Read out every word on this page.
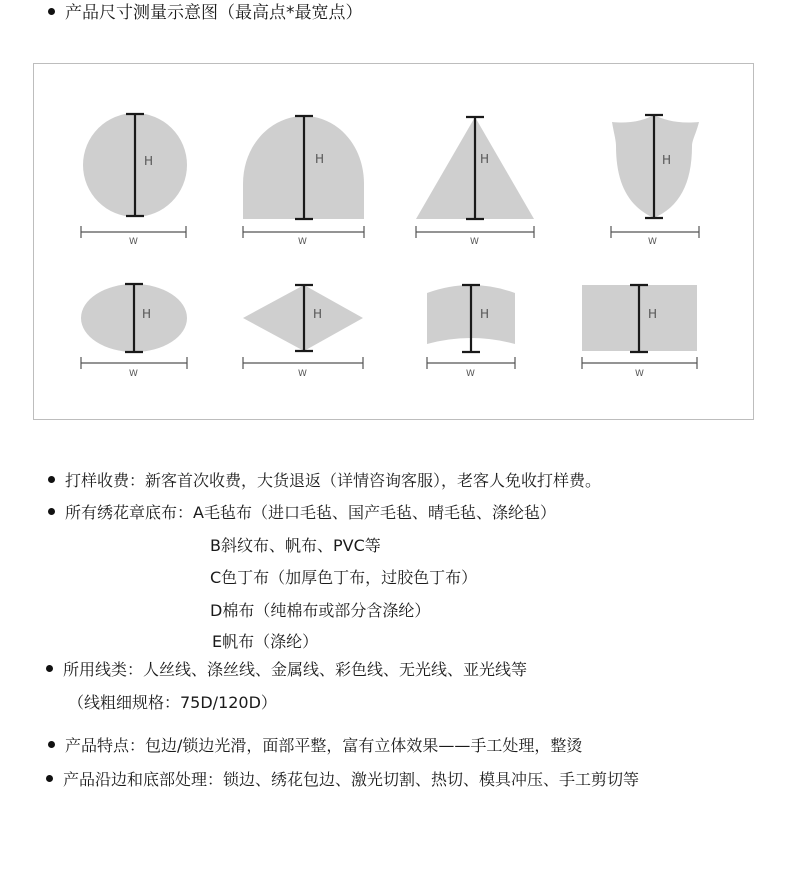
产品尺寸测量示意图（最高点*最宽点）
H
W
H
W
H
W
H
W
H
W
H
W
H
W
H
W
打样收费：新客首次收费，大货退返（详情咨询客服），老客人免收打样费。
所有绣花章底布：A毛毡布（进口毛毡、国产毛毡、晴毛毡、涤纶毡）
B斜纹布、帆布、PVC等
C色丁布（加厚色丁布，过胶色丁布）
D棉布（纯棉布或部分含涤纶）
E帆布（涤纶）
所用线类：人丝线、涤丝线、金属线、彩色线、无光线、亚光线等
（线粗细规格：75D/120D）
产品特点：包边/锁边光滑，面部平整，富有立体效果——手工处理，整烫
产品沿边和底部处理：锁边、绣花包边、激光切割、热切、模具冲压、手工剪切等
